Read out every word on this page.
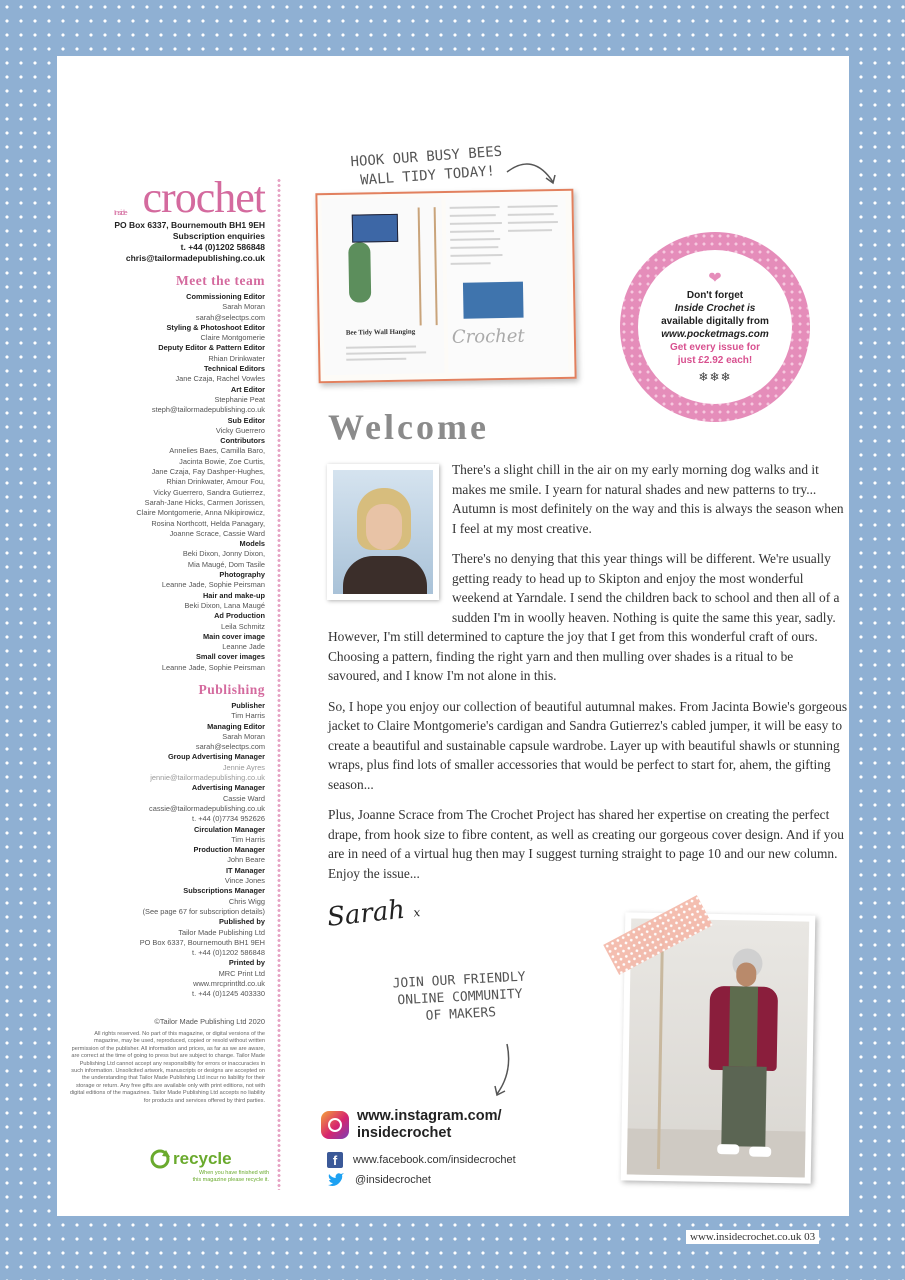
Inside crochet
PO Box 6337, Bournemouth BH1 9EH
Subscription enquiries
t. +44 (0)1202 586848
chris@tailormadepublishing.co.uk
Meet the team
Commissioning Editor
Sarah Moran
sarah@selectps.com
Styling & Photoshoot Editor
Claire Montgomerie
Deputy Editor & Pattern Editor
Rhian Drinkwater
Technical Editors
Jane Czaja, Rachel Vowles
Art Editor
Stephanie Peat
steph@tailormadepublishing.co.uk
Sub Editor
Vicky Guerrero
Contributors
Annelies Baes, Camilla Baro,
Jacinta Bowie, Zoe Curtis,
Jane Czaja, Fay Dashper-Hughes,
Rhian Drinkwater, Amour Fou,
Vicky Guerrero, Sandra Gutierrez,
Sarah-Jane Hicks, Carmen Jorissen,
Claire Montgomerie, Anna Nikipirowicz,
Rosina Northcott, Helda Panagary,
Joanne Scrace, Cassie Ward
Models
Beki Dixon, Jonny Dixon,
Mia Maugé, Dom Tasile
Photography
Leanne Jade, Sophie Peirsman
Hair and make-up
Beki Dixon, Lana Maugé
Ad Production
Leila Schmitz
Main cover image
Leanne Jade
Small cover images
Leanne Jade, Sophie Peirsman
Publishing
Publisher
Tim Harris
Managing Editor
Sarah Moran
sarah@selectps.com
Group Advertising Manager
Jennie Ayres
jennie@tailormadepublishing.co.uk
Advertising Manager
Cassie Ward
cassie@tailormadepublishing.co.uk
t. +44 (0)7734 952626
Circulation Manager
Tim Harris
Production Manager
John Beare
IT Manager
Vince Jones
Subscriptions Manager
Chris Wigg
(See page 67 for subscription details)
Published by
Tailor Made Publishing Ltd
PO Box 6337, Bournemouth BH1 9EH
t. +44 (0)1202 586848
Printed by
MRC Print Ltd
www.mrcprintltd.co.uk
t. +44 (0)1245 403330
©Tailor Made Publishing Ltd 2020
All rights reserved. No part of this magazine, or digital versions of the magazine, may be used, reproduced, copied or resold without written permission of the publisher. All information and prices, as far as we are aware, are correct at the time of going to press but are subject to change. Tailor Made Publishing Ltd cannot accept any responsibility for errors or inaccuracies in such information. Unsolicited artwork, manuscripts or designs are accepted on the understanding that Tailor Made Publishing Ltd incur no liability for their storage or return. Any free gifts are available only with print editions, not with digital editions of the magazines. Tailor Made Publishing Ltd accepts no liability for products and services offered by third parties.
recycle
When you have finished with
this magazine please recycle it.
HOOK OUR BUSY BEES
WALL TIDY TODAY!
Bee Tidy Wall Hanging Crochet
❤
Don't forget
Inside Crochet is
available digitally from
www.pocketmags.com
Get every issue for
just £2.92 each!
❄❄❄
Welcome

There's a slight chill in the air on my early morning dog walks and it makes me smile. I yearn for natural shades and new patterns to try... Autumn is most definitely on the way and this is always the season when I feel at my most creative.

There's no denying that this year things will be different. We're usually getting ready to head up to Skipton and enjoy the most wonderful weekend at Yarndale. I send the children back to school and then all of a sudden I'm in woolly heaven. Nothing is quite the same this year, sadly. However, I'm still determined to capture the joy that I get from this wonderful craft of ours. Choosing a pattern, finding the right yarn and then mulling over shades is a ritual to be savoured, and I know I'm not alone in this.

So, I hope you enjoy our collection of beautiful autumnal makes. From Jacinta Bowie's gorgeous jacket to Claire Montgomerie's cardigan and Sandra Gutierrez's cabled jumper, it will be easy to create a beautiful and sustainable capsule wardrobe. Layer up with beautiful shawls or stunning wraps, plus find lots of smaller accessories that would be perfect to start for, ahem, the gifting season...

Plus, Joanne Scrace from The Crochet Project has shared her expertise on creating the perfect drape, from hook size to fibre content, as well as creating our gorgeous cover design. And if you are in need of a virtual hug then may I suggest turning straight to page 10 and our new column. Enjoy the issue...

Sarah x
JOIN OUR FRIENDLY
ONLINE COMMUNITY
OF MAKERS
www.instagram.com/
insidecrochet
f	www.facebook.com/insidecrochet
@insidecrochet
www.insidecrochet.co.uk 03
